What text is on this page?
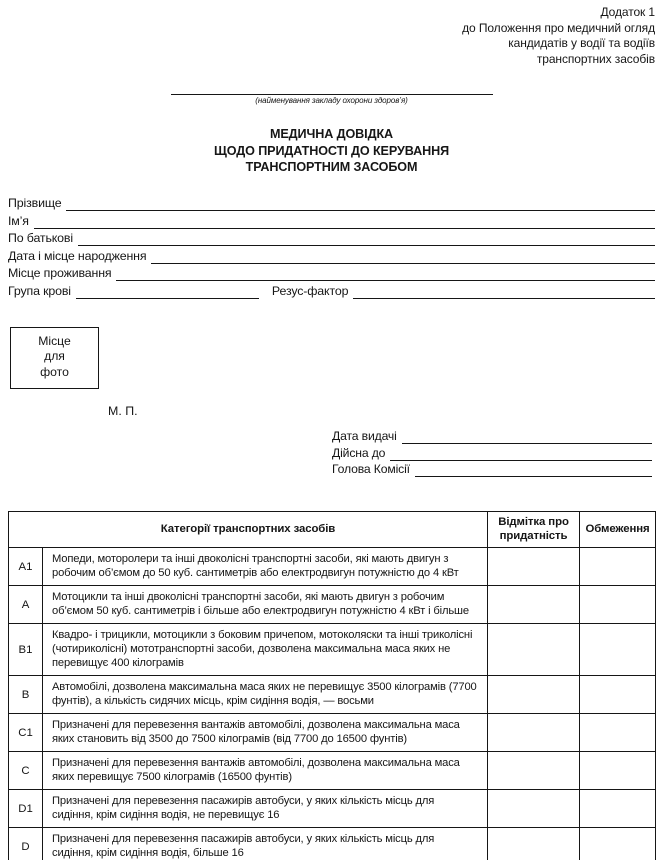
Додаток 1
до Положення про медичний огляд
кандидатів у водії та водіїв
транспортних засобів
(найменування закладу охорони здоров’я)
МЕДИЧНА ДОВІДКА
ЩОДО ПРИДАТНОСТІ ДО КЕРУВАННЯ
ТРАНСПОРТНИМ ЗАСОБОМ
Прізвище
Ім’я
По батькові
Дата і місце народження
Місце проживання
Група крові	Резус-фактор
Місце
для
фото
М. П.
Дата видачі
Дійсна до
Голова Комісії
Категорії транспортних засобів		Відмітка про придатність	Обмеження
A1	Мопеди, моторолери та інші двоколісні транспортні засоби, які мають двигун з робочим об’ємом до 50 куб. сантиметрів або електродвигун потужністю до 4 кВт		
A	Мотоцикли та інші двоколісні транспортні засоби, які мають двигун з робочим об’ємом 50 куб. сантиметрів і більше або електродвигун потужністю 4 кВт і більше		
B1	Квадро- і трицикли, мотоцикли з боковим причепом, мотоколяски та інші триколісні (чотириколісні) мототранспортні засоби, дозволена максимальна маса яких не перевищує 400 кілограмів		
B	Автомобілі, дозволена максимальна маса яких не перевищує 3500 кілограмів (7700 фунтів), а кількість сидячих місць, крім сидіння водія, — восьми		
C1	Призначені для перевезення вантажів автомобілі, дозволена максимальна маса яких становить від 3500 до 7500 кілограмів (від 7700 до 16500 фунтів)		
C	Призначені для перевезення вантажів автомобілі, дозволена максимальна маса яких перевищує 7500 кілограмів (16500 фунтів)		
D1	Призначені для перевезення пасажирів автобуси, у яких кількість місць для сидіння, крім сидіння водія, не перевищує 16		
D	Призначені для перевезення пасажирів автобуси, у яких кількість місць для сидіння, крім сидіння водія, більше 16		
